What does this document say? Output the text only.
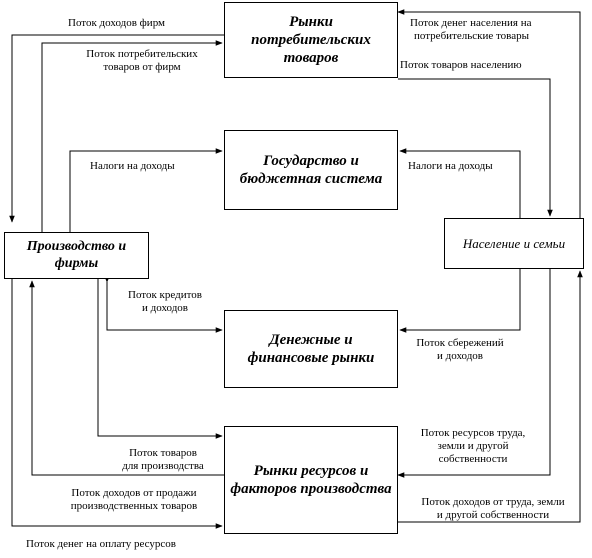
Рынки потребительских товаров
Государство и бюджетная система
Производство и фирмы
Население и семьи
Денежные и финансовые рынки
Рынки ресурсов и факторов производства
Поток доходов фирм
Поток потребительских
товаров от фирм
Поток денег населения на
потребительские товары
Поток товаров населению
Налоги на доходы	Налоги на доходы
Поток кредитов
и доходов
Поток сбережений
и доходов
Поток товаров
для производства
Поток доходов от продажи
производственных товаров
Поток ресурсов труда,
земли и другой
собственности
Поток доходов от труда, земли
и другой собственности
Поток денег на оплату ресурсов
